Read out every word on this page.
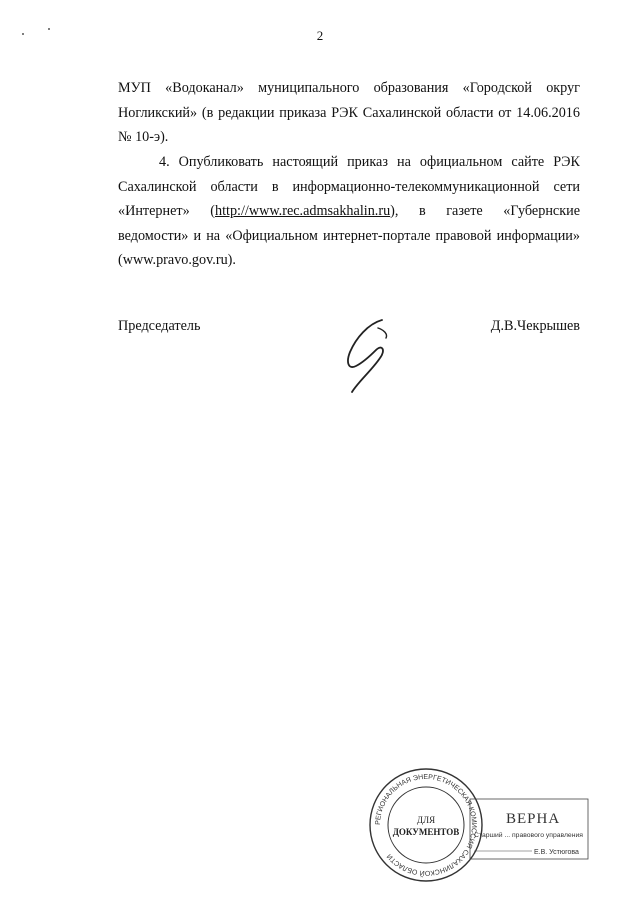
2

МУП «Водоканал» муниципального образования «Городской округ Ногликский» (в редакции приказа РЭК Сахалинской области от 14.06.2016 № 10-э).

4. Опубликовать настоящий приказ на официальном сайте РЭК Сахалинской области в информационно-телекоммуникационной сети «Интернет» (http://www.rec.admsakhalin.ru), в газете «Губернские ведомости» и на «Официальном интернет-портале правовой информации» (www.pravo.gov.ru).

Председатель	Д.В.Чекрышев
РЕГИОНАЛЬНАЯ ЭНЕРГЕТИЧЕСКАЯ КОМИССИЯ САХАЛИНСКОЙ ОБЛАСТИ
ДЛЯ
ДОКУМЕНТОВ
ВЕРНА
Старший ... правового управления
Е.В. Устюгова
